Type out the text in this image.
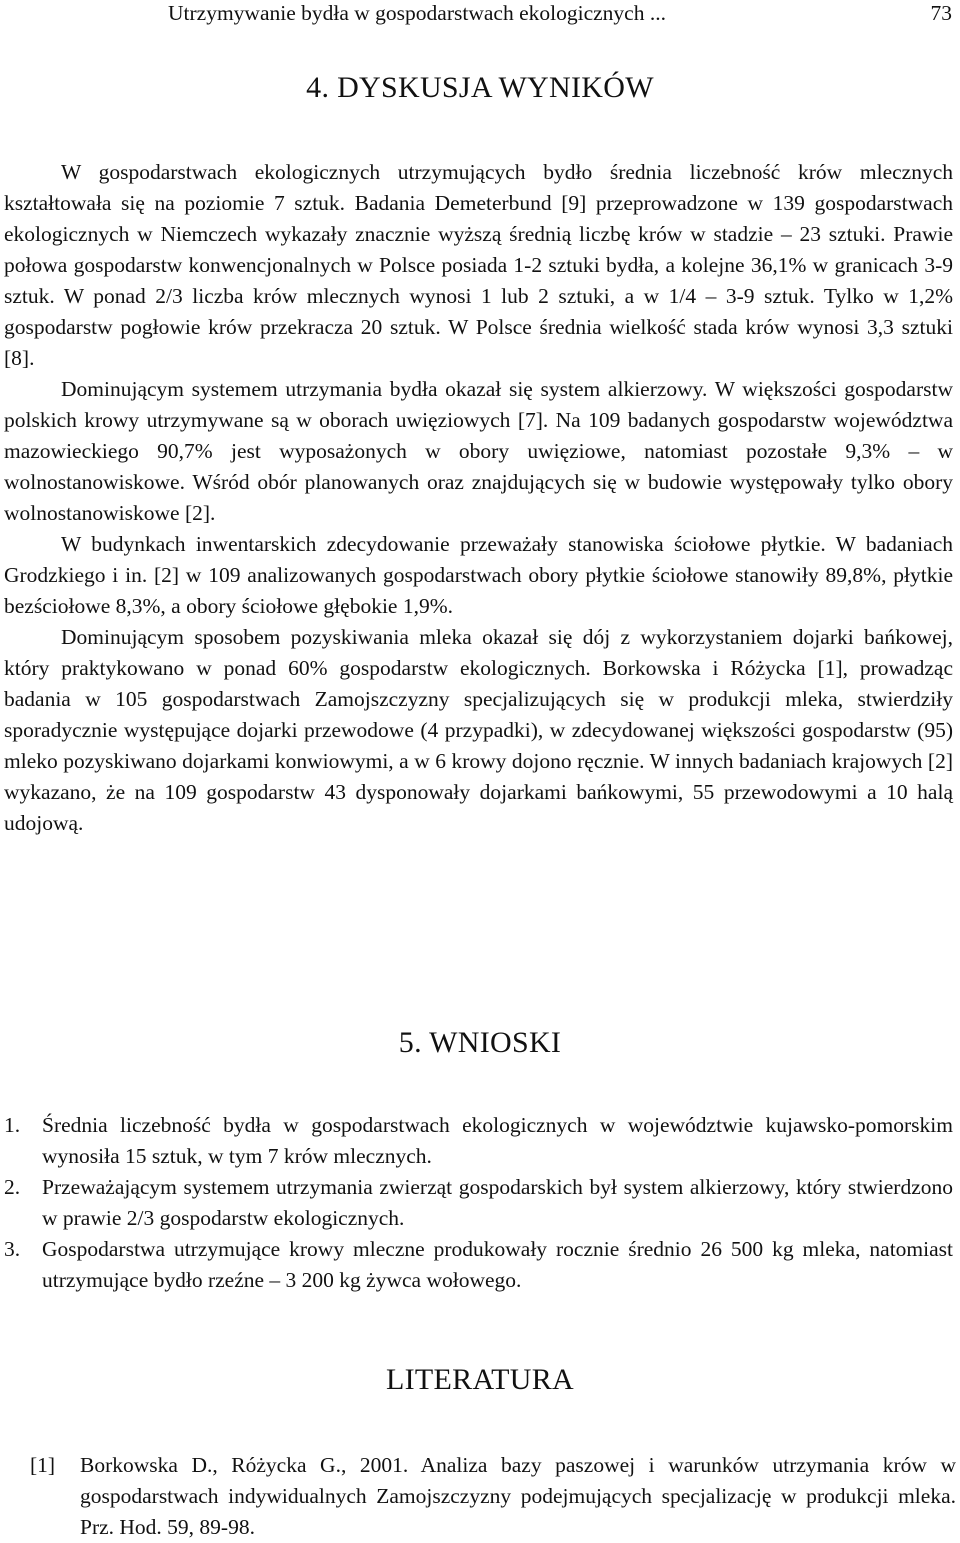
Utrzymywanie bydła w gospodarstwach ekologicznych ...	73
4. DYSKUSJA WYNIKÓW

W gospodarstwach ekologicznych utrzymujących bydło średnia liczebność krów mlecznych kształtowała się na poziomie 7 sztuk. Badania Demeterbund [9] przeprowadzone w 139 gospodarstwach ekologicznych w Niemczech wykazały znacznie wyższą średnią liczbę krów w stadzie – 23 sztuki. Prawie połowa gospodarstw konwencjonalnych w Polsce posiada 1-2 sztuki bydła, a kolejne 36,1% w granicach 3-9 sztuk. W ponad 2/3 liczba krów mlecznych wynosi 1 lub 2 sztuki, a w 1/4 – 3-9 sztuk. Tylko w 1,2% gospodarstw pogłowie krów przekracza 20 sztuk. W Polsce średnia wielkość stada krów wynosi 3,3 sztuki [8].

Dominującym systemem utrzymania bydła okazał się system alkierzowy. W większości gospodarstw polskich krowy utrzymywane są w oborach uwięziowych [7]. Na 109 badanych gospodarstw województwa mazowieckiego 90,7% jest wyposażonych w obory uwięziowe, natomiast pozostałe 9,3% – w wolnostanowiskowe. Wśród obór planowanych oraz znajdujących się w budowie występowały tylko obory wolnostanowiskowe [2].

W budynkach inwentarskich zdecydowanie przeważały stanowiska ściołowe płytkie. W badaniach Grodzkiego i in. [2] w 109 analizowanych gospodarstwach obory płytkie ściołowe stanowiły 89,8%, płytkie bezściołowe 8,3%, a obory ściołowe głębokie 1,9%.

Dominującym sposobem pozyskiwania mleka okazał się dój z wykorzystaniem dojarki bańkowej, który praktykowano w ponad 60% gospodarstw ekologicznych. Borkowska i Różycka [1], prowadząc badania w 105 gospodarstwach Zamojszczyzny specjalizujących się w produkcji mleka, stwierdziły sporadycznie występujące dojarki przewodowe (4 przypadki), w zdecydowanej większości gospodarstw (95) mleko pozyskiwano dojarkami konwiowymi, a w 6 krowy dojono ręcznie. W innych badaniach krajowych [2] wykazano, że na 109 gospodarstw 43 dysponowały dojarkami bańkowymi, 55 przewodowymi a 10 halą udojową.

5. WNIOSKI
1.	Średnia liczebność bydła w gospodarstwach ekologicznych w województwie kujawsko-pomorskim wynosiła 15 sztuk, w tym 7 krów mlecznych.
2.	Przeważającym systemem utrzymania zwierząt gospodarskich był system alkierzowy, który stwierdzono w prawie 2/3 gospodarstw ekologicznych.
3.	Gospodarstwa utrzymujące krowy mleczne produkowały rocznie średnio 26 500 kg mleka, natomiast utrzymujące bydło rzeźne – 3 200 kg żywca wołowego.
LITERATURA
[1]	Borkowska D., Różycka G., 2001. Analiza bazy paszowej i warunków utrzymania krów w gospodarstwach indywidualnych Zamojszczyzny podejmujących specjalizację w produkcji mleka. Prz. Hod. 59, 89-98.
